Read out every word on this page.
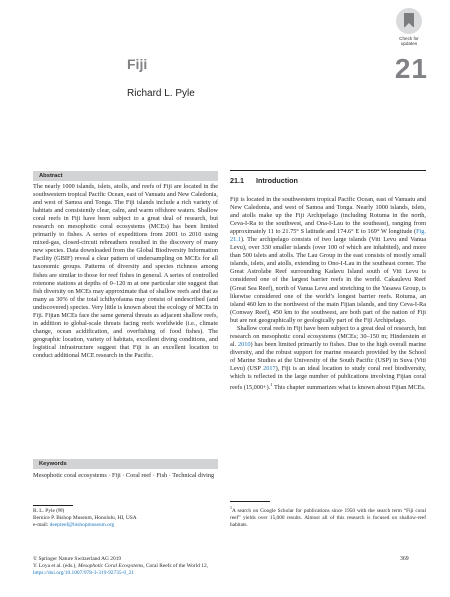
Check for
updates
Fiji	21
Richard L. Pyle
Abstract
The nearly 1000 islands, islets, atolls, and reefs of Fiji are located in the southwestern tropical Pacific Ocean, east of Vanuatu and New Caledonia, and west of Samoa and Tonga. The Fiji islands include a rich variety of habitats and consistently clear, calm, and warm offshore waters. Shallow coral reefs in Fiji have been subject to a great deal of research, but research on mesophotic coral ecosystems (MCEs) has been limited primarily to fishes. A series of expeditions from 2001 to 2010 using mixed-gas, closed-circuit rebreathers resulted in the discovery of many new species. Data downloaded from the Global Biodiversity Information Facility (GBIF) reveal a clear pattern of undersampling on MCEs for all taxonomic groups. Patterns of diversity and species richness among fishes are similar to those for reef fishes in general. A series of controlled rotenone stations at depths of 0–120 m at one particular site suggest that fish diversity on MCEs may approximate that of shallow reefs and that as many as 30% of the total ichthyofauna may consist of undescribed (and undiscovered) species. Very little is known about the ecology of MCEs in Fiji. Fijian MCEs face the same general threats as adjacent shallow reefs, in addition to global-scale threats facing reefs worldwide (i.e., climate change, ocean acidification, and overfishing of food fishes). The geographic location, variety of habitats, excellent diving conditions, and logistical infrastructure suggest that Fiji is an excellent location to conduct additional MCE research in the Pacific.
Keywords
Mesophotic coral ecosystems · Fiji · Coral reef · Fish · Technical diving
21.1 Introduction

Fiji is located in the southwestern tropical Pacific Ocean, east of Vanuatu and New Caledonia, and west of Samoa and Tonga. Nearly 1000 islands, islets, and atolls make up the Fiji Archipelago (including Rotuma in the north, Ceva-I-Ra to the southwest, and Ona-I-Lau to the southeast), ranging from approximately 11 to 21.75° S latitude and 174.6° E to 169° W longitude (Fig. 21.1). The archipelago consists of two large islands (Viti Levu and Vanua Levu), over 330 smaller islands (over 100 of which are inhabited), and more than 500 islets and atolls. The Lau Group in the east consists of mostly small islands, islets, and atolls, extending to Ono-I-Lau in the southeast corner. The Great Astrolabe Reef surrounding Kadavu Island south of Viti Levu is considered one of the largest barrier reefs in the world. Cakaulevu Reef (Great Sea Reef), north of Vanua Levu and stretching to the Yasawa Group, is likewise considered one of the world’s longest barrier reefs. Rotuma, an island 460 km to the northwest of the main Fijian islands, and tiny Ceva-I-Ra (Conway Reef), 450 km to the southwest, are both part of the nation of Fiji but are not geographically or geologically part of the Fiji Archipelago.

Shallow coral reefs in Fiji have been subject to a great deal of research, but research on mesophotic coral ecosystems (MCEs; 30–150 m; Hinderstein et al. 2010) has been limited primarily to fishes. Due to the high overall marine diversity, and the robust support for marine research provided by the School of Marine Studies at the University of the South Pacific (USP) in Suva (Viti Levu) (USP 2017), Fiji is an ideal location to study coral reef biodiversity, which is reflected in the large number of publications involving Fijian coral reefs (15,000+).$^1$ This chapter summarizes what is known about Fijian MCEs.

R. L. Pyle (✉)
Bernice P. Bishop Museum, Honolulu, HI, USA
e-mail: deepreef@bishopmuseum.org
$^1$A search on Google Scholar for publications since 1950 with the search term “Fiji coral reef” yields over 15,000 results. Almost all of this research is focused on shallow-reef habitats.
© Springer Nature Switzerland AG 2019
Y. Loya et al. (eds.), Mesophotic Coral Ecosystems, Coral Reefs of the World 12,
https://doi.org/10.1007/978-3-319-92735-0_21
369
